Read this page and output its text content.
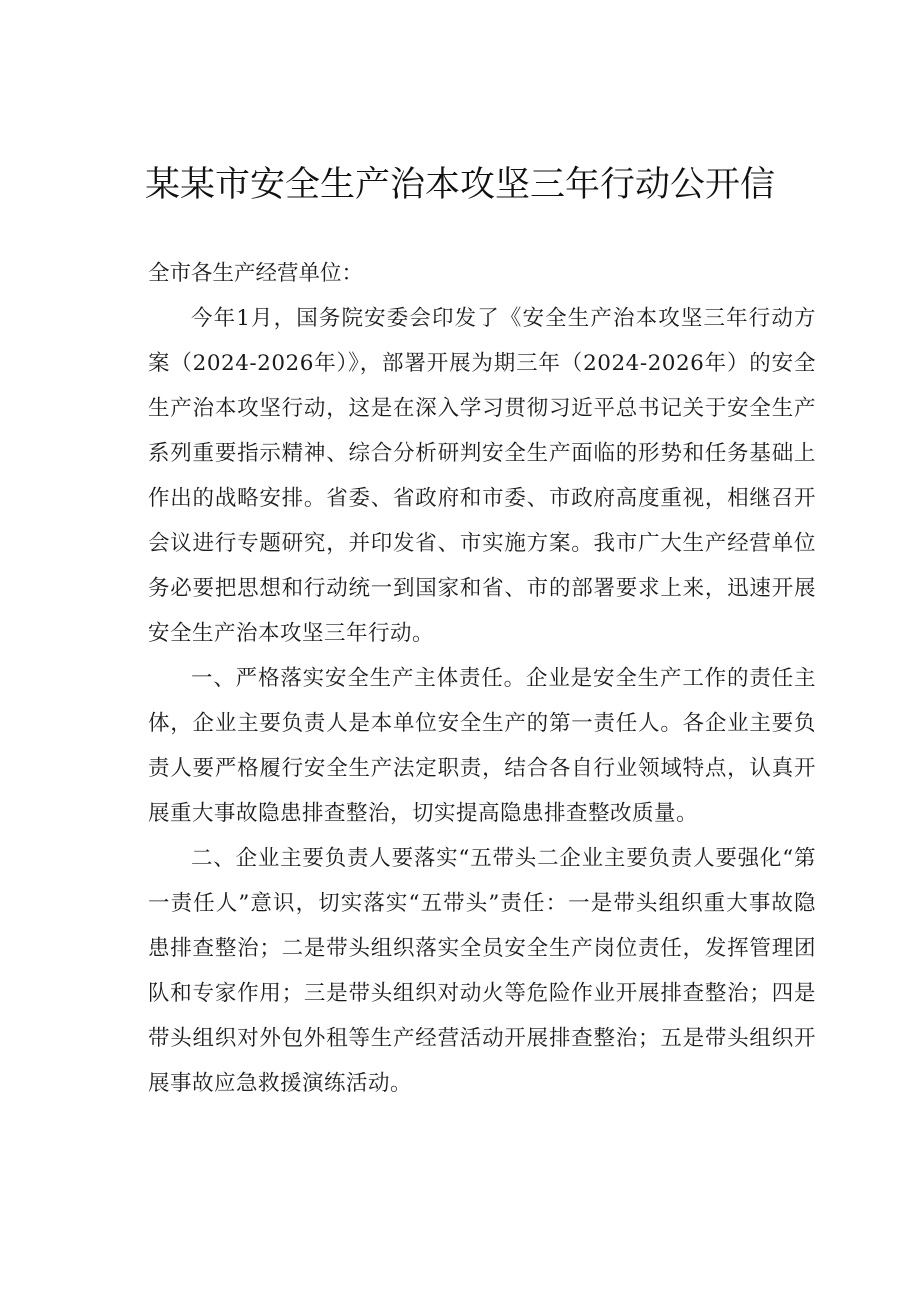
某某市安全生产治本攻坚三年行动公开信

全市各生产经营单位：

今年1月，国务院安委会印发了《安全生产治本攻坚三年行动方案（2024-2026年）》，部署开展为期三年（2024-2026年）的安全生产治本攻坚行动，这是在深入学习贯彻习近平总书记关于安全生产系列重要指示精神、综合分析研判安全生产面临的形势和任务基础上作出的战略安排。省委、省政府和市委、市政府高度重视，相继召开会议进行专题研究，并印发省、市实施方案。我市广大生产经营单位务必要把思想和行动统一到国家和省、市的部署要求上来，迅速开展安全生产治本攻坚三年行动。

一、严格落实安全生产主体责任。企业是安全生产工作的责任主体，企业主要负责人是本单位安全生产的第一责任人。各企业主要负责人要严格履行安全生产法定职责，结合各自行业领域特点，认真开展重大事故隐患排查整治，切实提高隐患排查整改质量。

二、企业主要负责人要落实“五带头二企业主要负责人要强化“第一责任人”意识，切实落实“五带头”责任：一是带头组织重大事故隐患排查整治；二是带头组织落实全员安全生产岗位责任，发挥管理团队和专家作用；三是带头组织对动火等危险作业开展排查整治；四是带头组织对外包外租等生产经营活动开展排查整治；五是带头组织开展事故应急救援演练活动。
